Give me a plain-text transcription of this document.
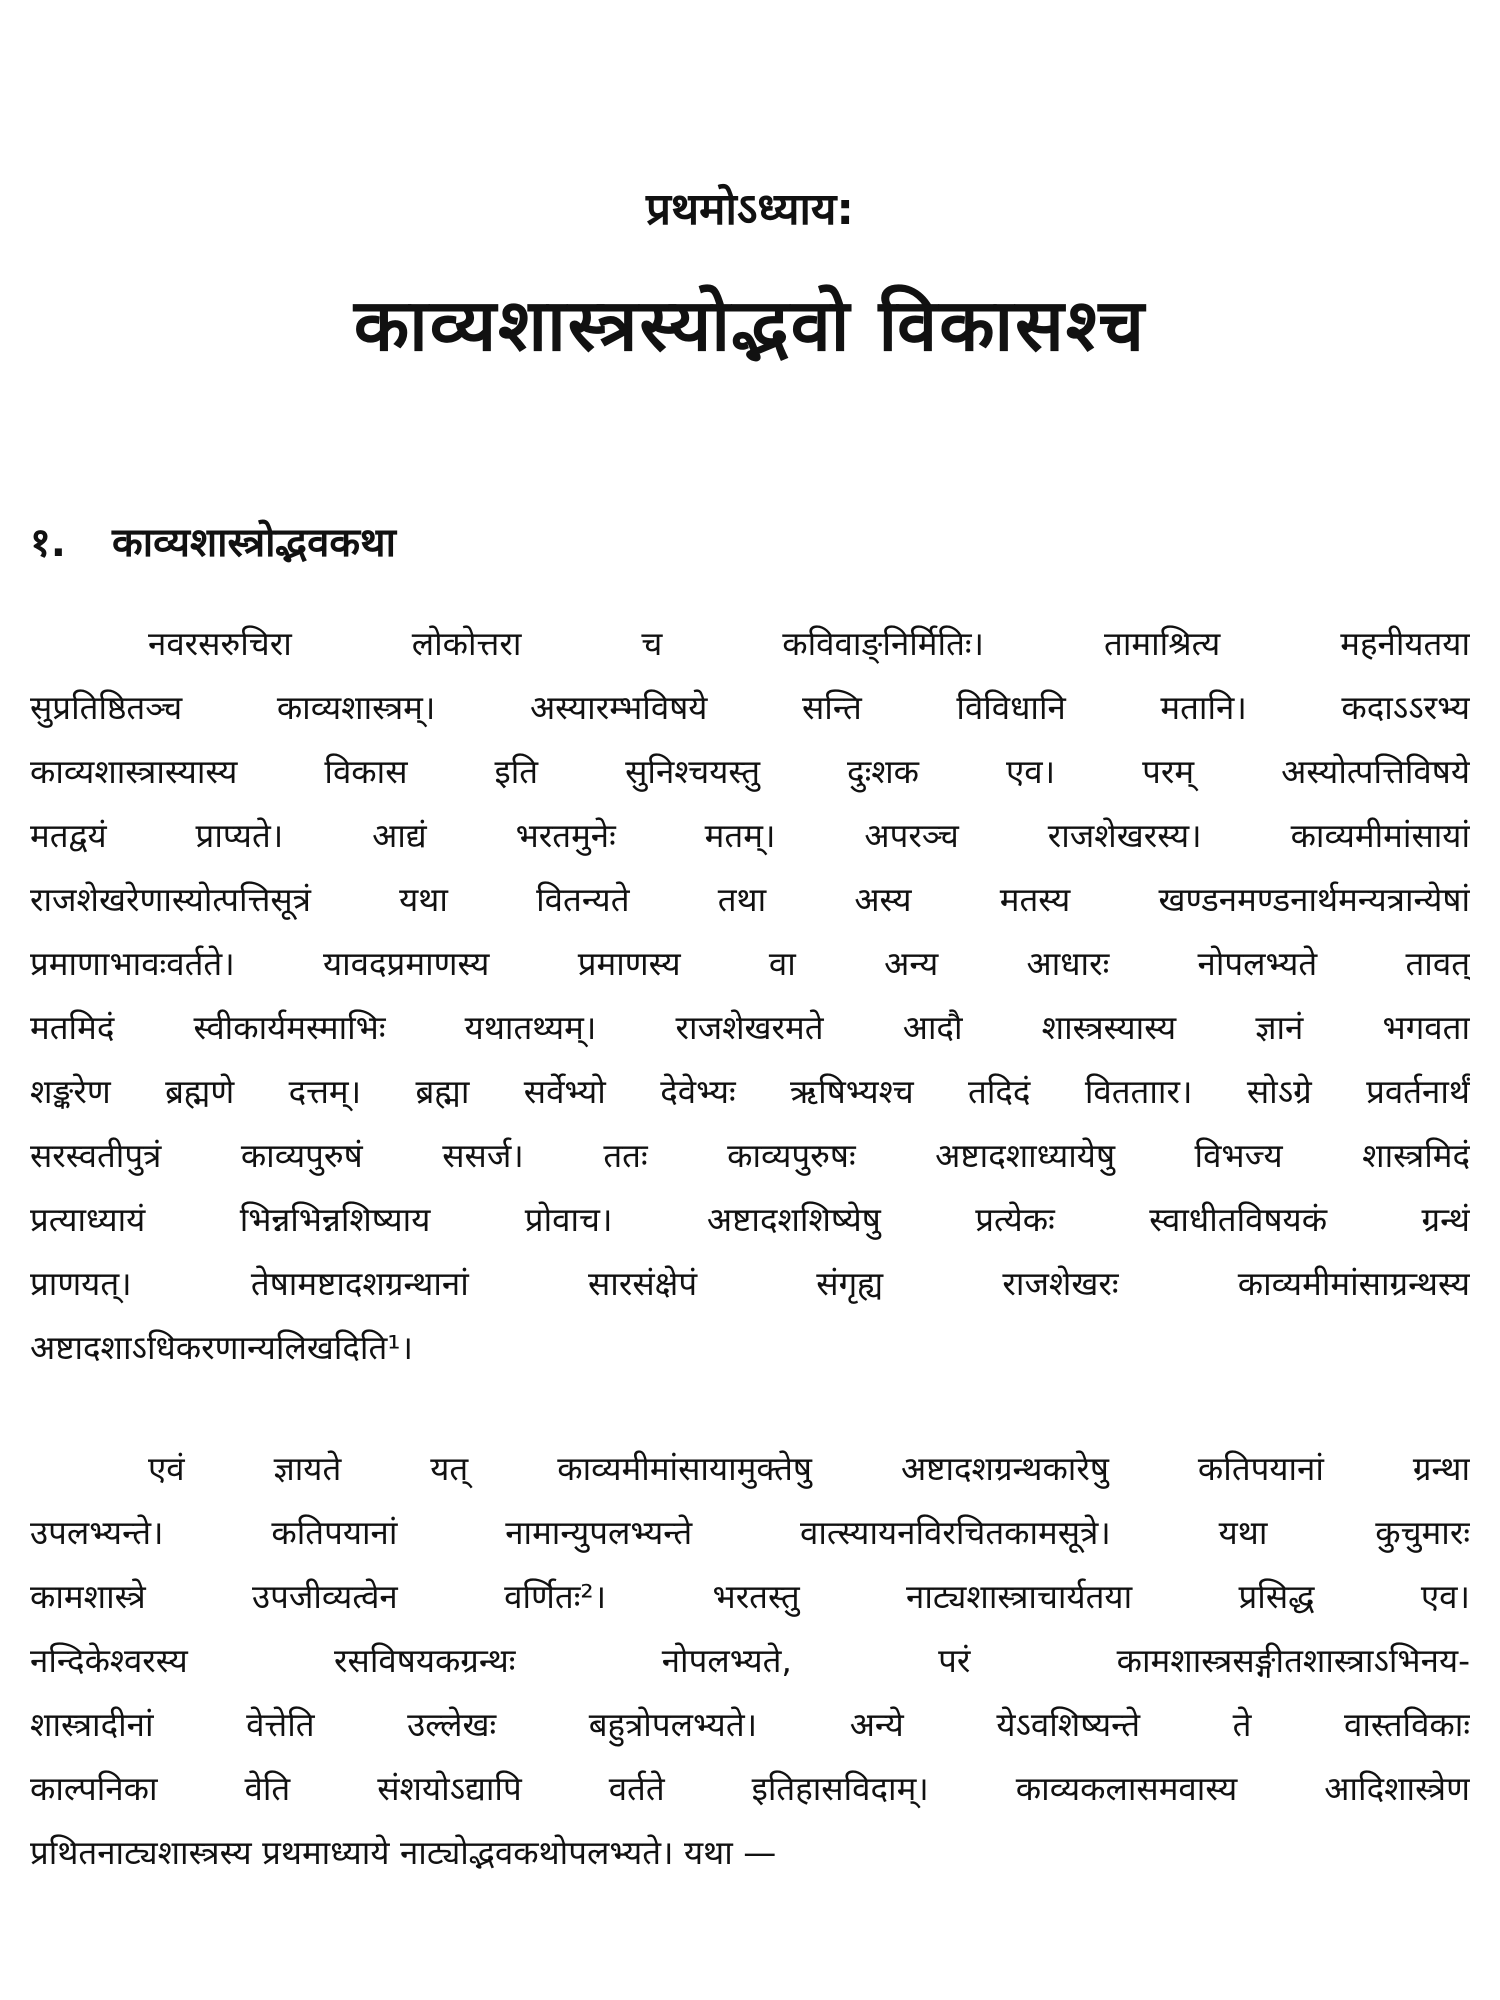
प्रथमोऽध्याय:
काव्यशास्त्रस्योद्भवो विकासश्च
१. काव्यशास्त्रोद्भवकथा
नवरसरुचिरा लोकोत्तरा च कविवाङ्निर्मितिः। तामाश्रित्य महनीयतया
सुप्रतिष्ठितञ्च काव्यशास्त्रम्। अस्यारम्भविषये सन्ति विविधानि मतानि। कदाऽऽरभ्य
काव्यशास्त्रास्यास्य विकास इति सुनिश्चयस्तु दुःशक एव। परम् अस्योत्पत्तिविषये
मतद्वयं प्राप्यते। आद्यं भरतमुनेः मतम्। अपरञ्च राजशेखरस्य। काव्यमीमांसायां
राजशेखरेणास्योत्पत्तिसूत्रं यथा वितन्यते तथा अस्य मतस्य खण्डनमण्डनार्थमन्यत्रान्येषां
प्रमाणाभावःवर्तते। यावदप्रमाणस्य प्रमाणस्य वा अन्य आधारः नोपलभ्यते तावत्
मतमिदं स्वीकार्यमस्माभिः यथातथ्यम्। राजशेखरमते आदौ शास्त्रस्यास्य ज्ञानं भगवता
शङ्करेण ब्रह्मणे दत्तम्। ब्रह्मा सर्वेभ्यो देवेभ्यः ऋषिभ्यश्च तदिदं वितताार। सोऽग्रे प्रवर्तनार्थं
सरस्वतीपुत्रं काव्यपुरुषं ससर्ज। ततः काव्यपुरुषः अष्टादशाध्यायेषु विभज्य शास्त्रमिदं
प्रत्याध्यायं भिन्नभिन्नशिष्याय प्रोवाच। अष्टादशशिष्येषु प्रत्येकः स्वाधीतविषयकं ग्रन्थं
प्राणयत्। तेषामष्टादशग्रन्थानां सारसंक्षेपं संगृह्य राजशेखरः काव्यमीमांसाग्रन्थस्य
अष्टादशाऽधिकरणान्यलिखदिति¹।
एवं ज्ञायते यत् काव्यमीमांसायामुक्तेषु अष्टादशग्रन्थकारेषु कतिपयानां ग्रन्था
उपलभ्यन्ते। कतिपयानां नामान्युपलभ्यन्ते वात्स्यायनविरचितकामसूत्रे। यथा कुचुमारः
कामशास्त्रे उपजीव्यत्वेन वर्णितः²। भरतस्तु नाट्यशास्त्राचार्यतया प्रसिद्ध एव।
नन्दिकेश्वरस्य रसविषयकग्रन्थः नोपलभ्यते, परं कामशास्त्रसङ्गीतशास्त्राऽभिनय-
शास्त्रादीनां वेत्तेति उल्लेखः बहुत्रोपलभ्यते। अन्ये येऽवशिष्यन्ते ते वास्तविकाः
काल्पनिका वेति संशयोऽद्यापि वर्तते इतिहासविदाम्। काव्यकलासमवास्य आदिशास्त्रेण
प्रथितनाट्यशास्त्रस्य प्रथमाध्याये नाट्योद्भवकथोपलभ्यते। यथा —
